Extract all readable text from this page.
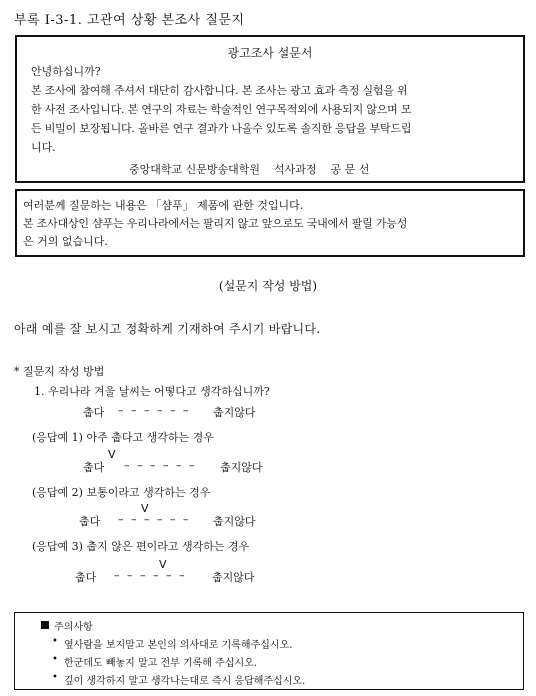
부록 Ⅰ-3-1. 고관여 상황 본조사 질문지
광고조사 설문서
안녕하십니까?
본 조사에 참여해 주셔서 대단히 감사합니다. 본 조사는 광고 효과 측정 실험을 위
한 사전 조사입니다. 본 연구의 자료는 학술적인 연구목적외에 사용되지 않으며 모
든 비밀이 보장됩니다. 올바른 연구 결과가 나올수 있도록 솔직한 응답을 부탁드립
니다.
중앙대학교 신문방송대학원    석사과정    공 문 선
여러분께 질문하는 내용은 「샴푸」 제품에 관한 것입니다.
본 조사대상인 샴푸는 우리나라에서는 팔리지 않고 앞으로도 국내에서 팔릴 가능성
은 거의 없습니다.
(설문지 작성 방법)
아래 예를 잘 보시고 정확하게 기재하여 주시기 바랍니다.
* 질문지 작성 방법
1. 우리나라 겨울 날씨는 어떻다고 생각하십니까?
춥다 – – – – – – 춥지않다
(응답예 1) 아주 춥다고 생각하는 경우
V
춥다 – – – – – – 춥지않다
(응답예 2) 보통이라고 생각하는 경우
V
춥다 – – – – – – 춥지않다
(응답예 3) 춥지 않은 편이라고 생각하는 경우
V
춥다 – – – – – – 춥지않다
주의사항
• 옆사람을 보지말고 본인의 의사대로 기록해주십시오.
• 한군데도 빼놓지 말고 전부 기록해 주십시오.
• 깊이 생각하지 말고 생각나는대로 즉시 응답해주십시오.
